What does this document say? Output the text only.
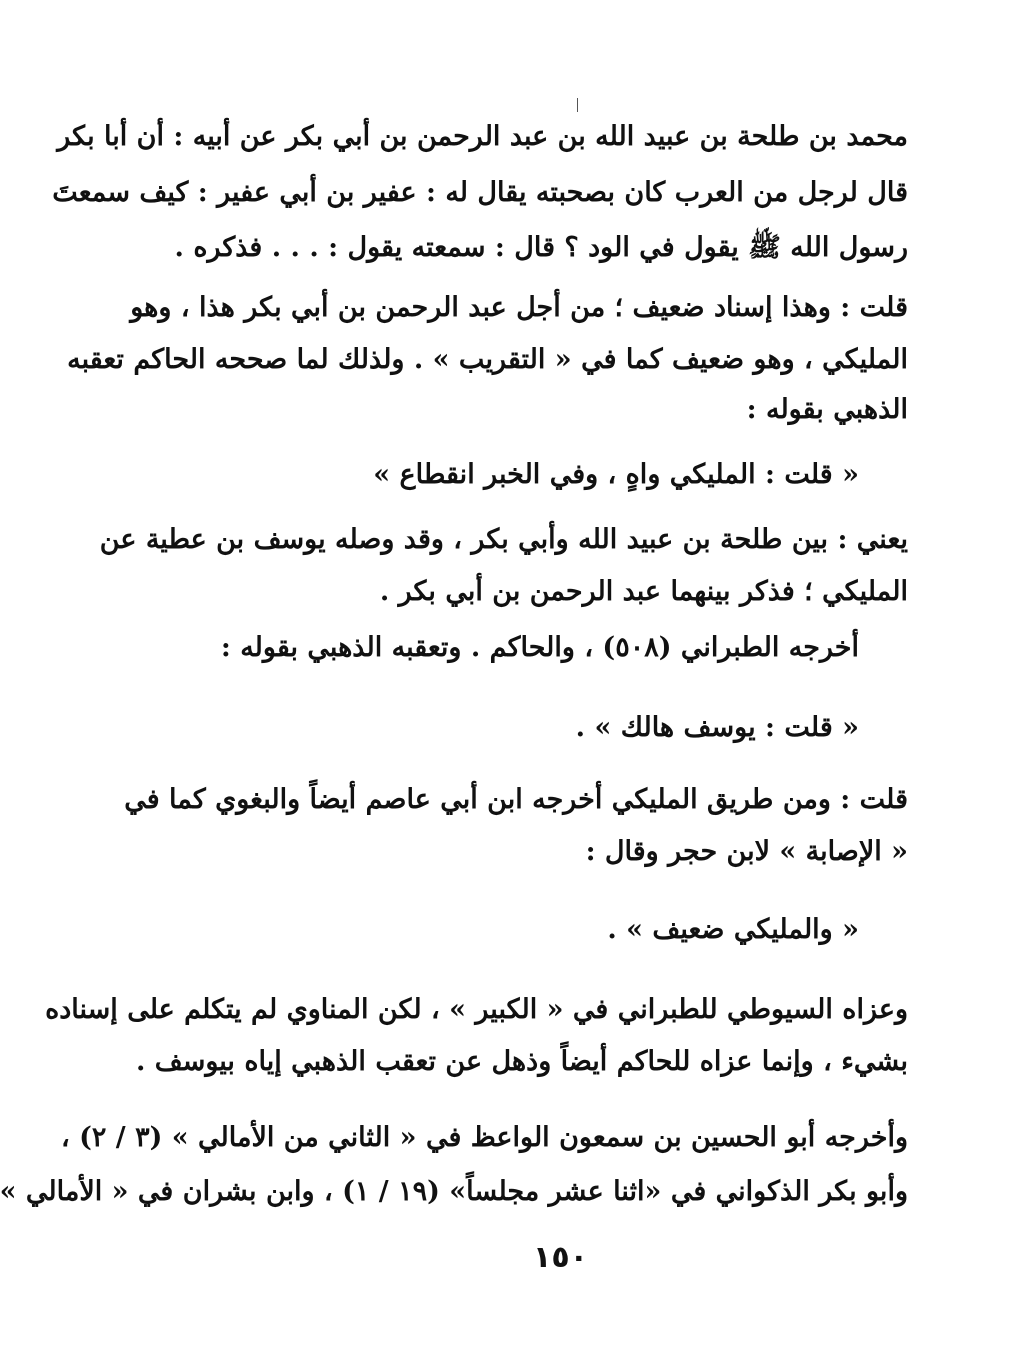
محمد بن طلحة بن عبيد الله بن عبد الرحمن بن أبي بكر عن أبيه : أن أبا بكر
قال لرجل من العرب كان بصحبته يقال له : عفير بن أبي عفير : كيف سمعتَ
رسول الله ﷺ يقول في الود ؟ قال : سمعته يقول : . . . فذكره .
قلت : وهذا إسناد ضعيف ؛ من أجل عبد الرحمن بن أبي بكر هذا ، وهو
المليكي ، وهو ضعيف كما في « التقريب » . ولذلك لما صححه الحاكم تعقبه
الذهبي بقوله :
« قلت : المليكي واهٍ ، وفي الخبر انقطاع »
يعني : بين طلحة بن عبيد الله وأبي بكر ، وقد وصله يوسف بن عطية عن
المليكي ؛ فذكر بينهما عبد الرحمن بن أبي بكر .
أخرجه الطبراني (٥٠٨) ، والحاكم . وتعقبه الذهبي بقوله :
« قلت : يوسف هالك » .
قلت : ومن طريق المليكي أخرجه ابن أبي عاصم أيضاً والبغوي كما في
« الإصابة » لابن حجر وقال :
« والمليكي ضعيف » .
وعزاه السيوطي للطبراني في « الكبير » ، لكن المناوي لم يتكلم على إسناده
بشيء ، وإنما عزاه للحاكم أيضاً وذهل عن تعقب الذهبي إياه بيوسف .
وأخرجه أبو الحسين بن سمعون الواعظ في « الثاني من الأمالي » (٣ / ٢) ،
وأبو بكر الذكواني في «اثنا عشر مجلساً» (١٩ / ١) ، وابن بشران في « الأمالي »
١٥٠
